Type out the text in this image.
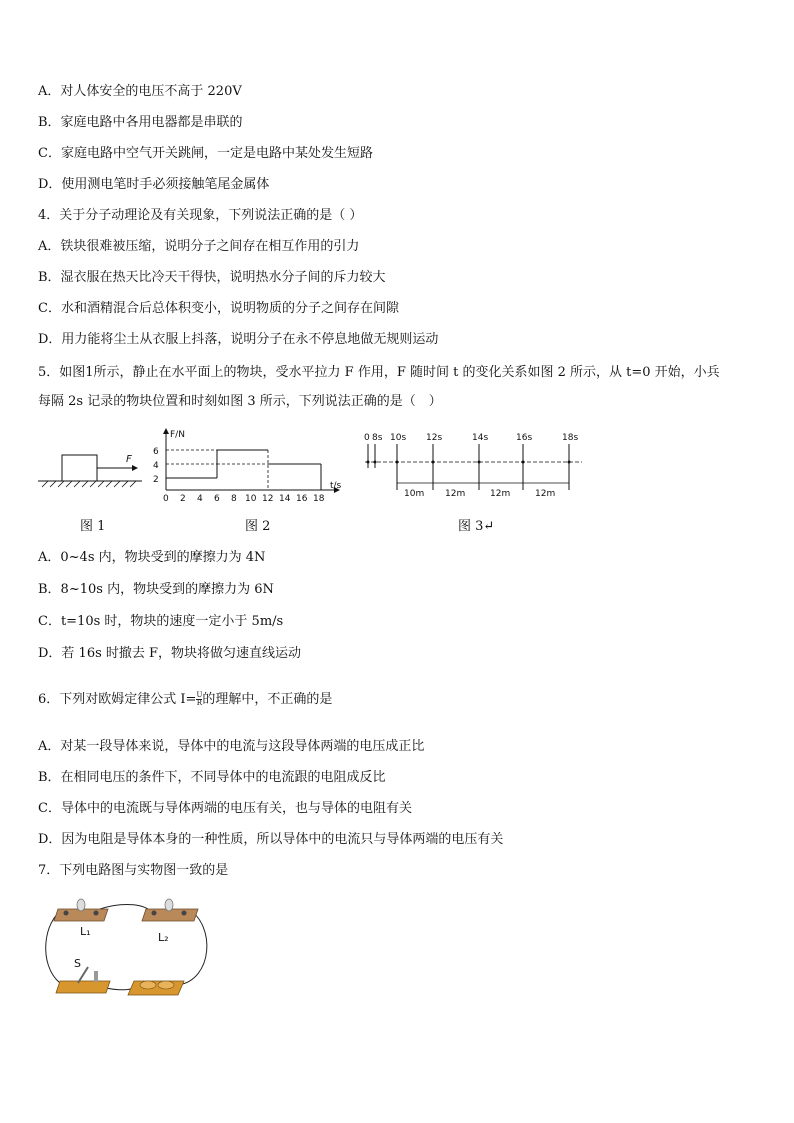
A．对人体安全的电压不高于 220V
B．家庭电路中各用电器都是串联的
C．家庭电路中空气开关跳闸，一定是电路中某处发生短路
D．使用测电笔时手必须接触笔尾金属体
4．关于分子动理论及有关现象，下列说法正确的是（ ）
A．铁块很难被压缩，说明分子之间存在相互作用的引力
B．湿衣服在热天比冷天干得快，说明热水分子间的斥力较大
C．水和酒精混合后总体积变小，说明物质的分子之间存在间隙
D．用力能将尘土从衣服上抖落，说明分子在永不停息地做无规则运动
5．如图1所示，静止在水平面上的物块，受水平拉力 F 作用，F 随时间 t 的变化关系如图 2 所示，从 t=0 开始，小兵
每隔 2s 记录的物块位置和时刻如图 3 所示，下列说法正确的是（　）
F
图 1
F/N
t/s
6
4
2
0 2 4 6 8 10 12 14 16 18
图 2
0 8s 10s 12s	14s	16s	18s
10m 12m	12m	12m
图 3↵
A．0~4s 内，物块受到的摩擦力为 4N
B．8~10s 内，物块受到的摩擦力为 6N
C．t=10s 时，物块的速度一定小于 5m/s
D．若 16s 时撤去 F，物块将做匀速直线运动
6．下列对欧姆定律公式 $I= \frac{U}{R}$ 的理解中，不正确的是
A．对某一段导体来说，导体中的电流与这段导体两端的电压成正比
B．在相同电压的条件下，不同导体中的电流跟的电阻成反比
C．导体中的电流既与导体两端的电压有关，也与导体的电阻有关
D．因为电阻是导体本身的一种性质，所以导体中的电流只与导体两端的电压有关
7．下列电路图与实物图一致的是
L₁	L₂
S
